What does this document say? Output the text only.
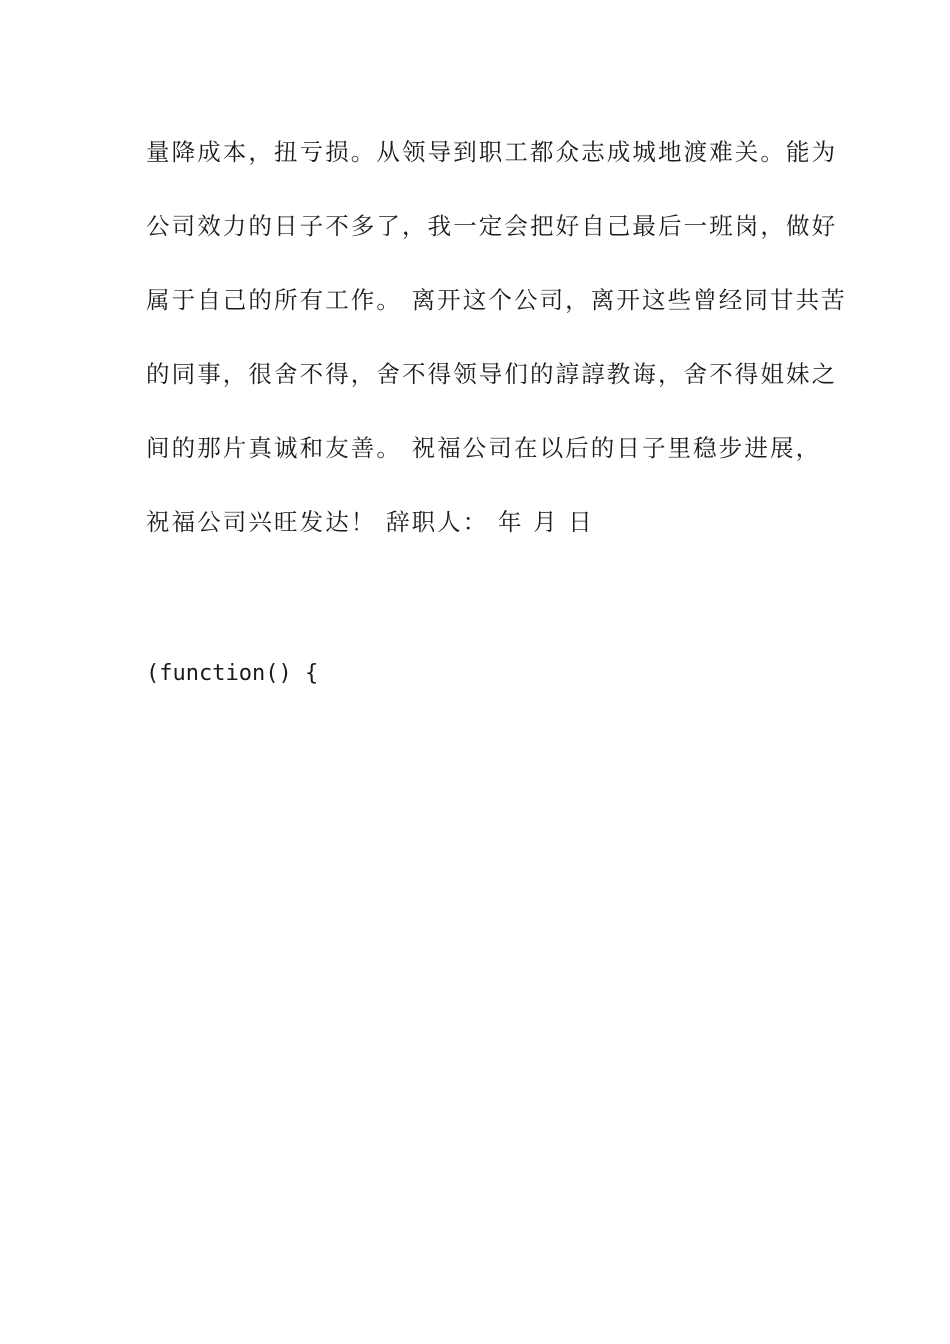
量降成本，扭亏损。从领导到职工都众志成城地渡难关。能为
公司效力的日子不多了，我一定会把好自己最后一班岗，做好
属于自己的所有工作。 离开这个公司，离开这些曾经同甘共苦
的同事，很舍不得，舍不得领导们的諄諄教诲，舍不得姐妹之
间的那片真诚和友善。 祝福公司在以后的日子里稳步进展，
祝福公司兴旺发达！ 辞职人： 年 月 日
(function() {
